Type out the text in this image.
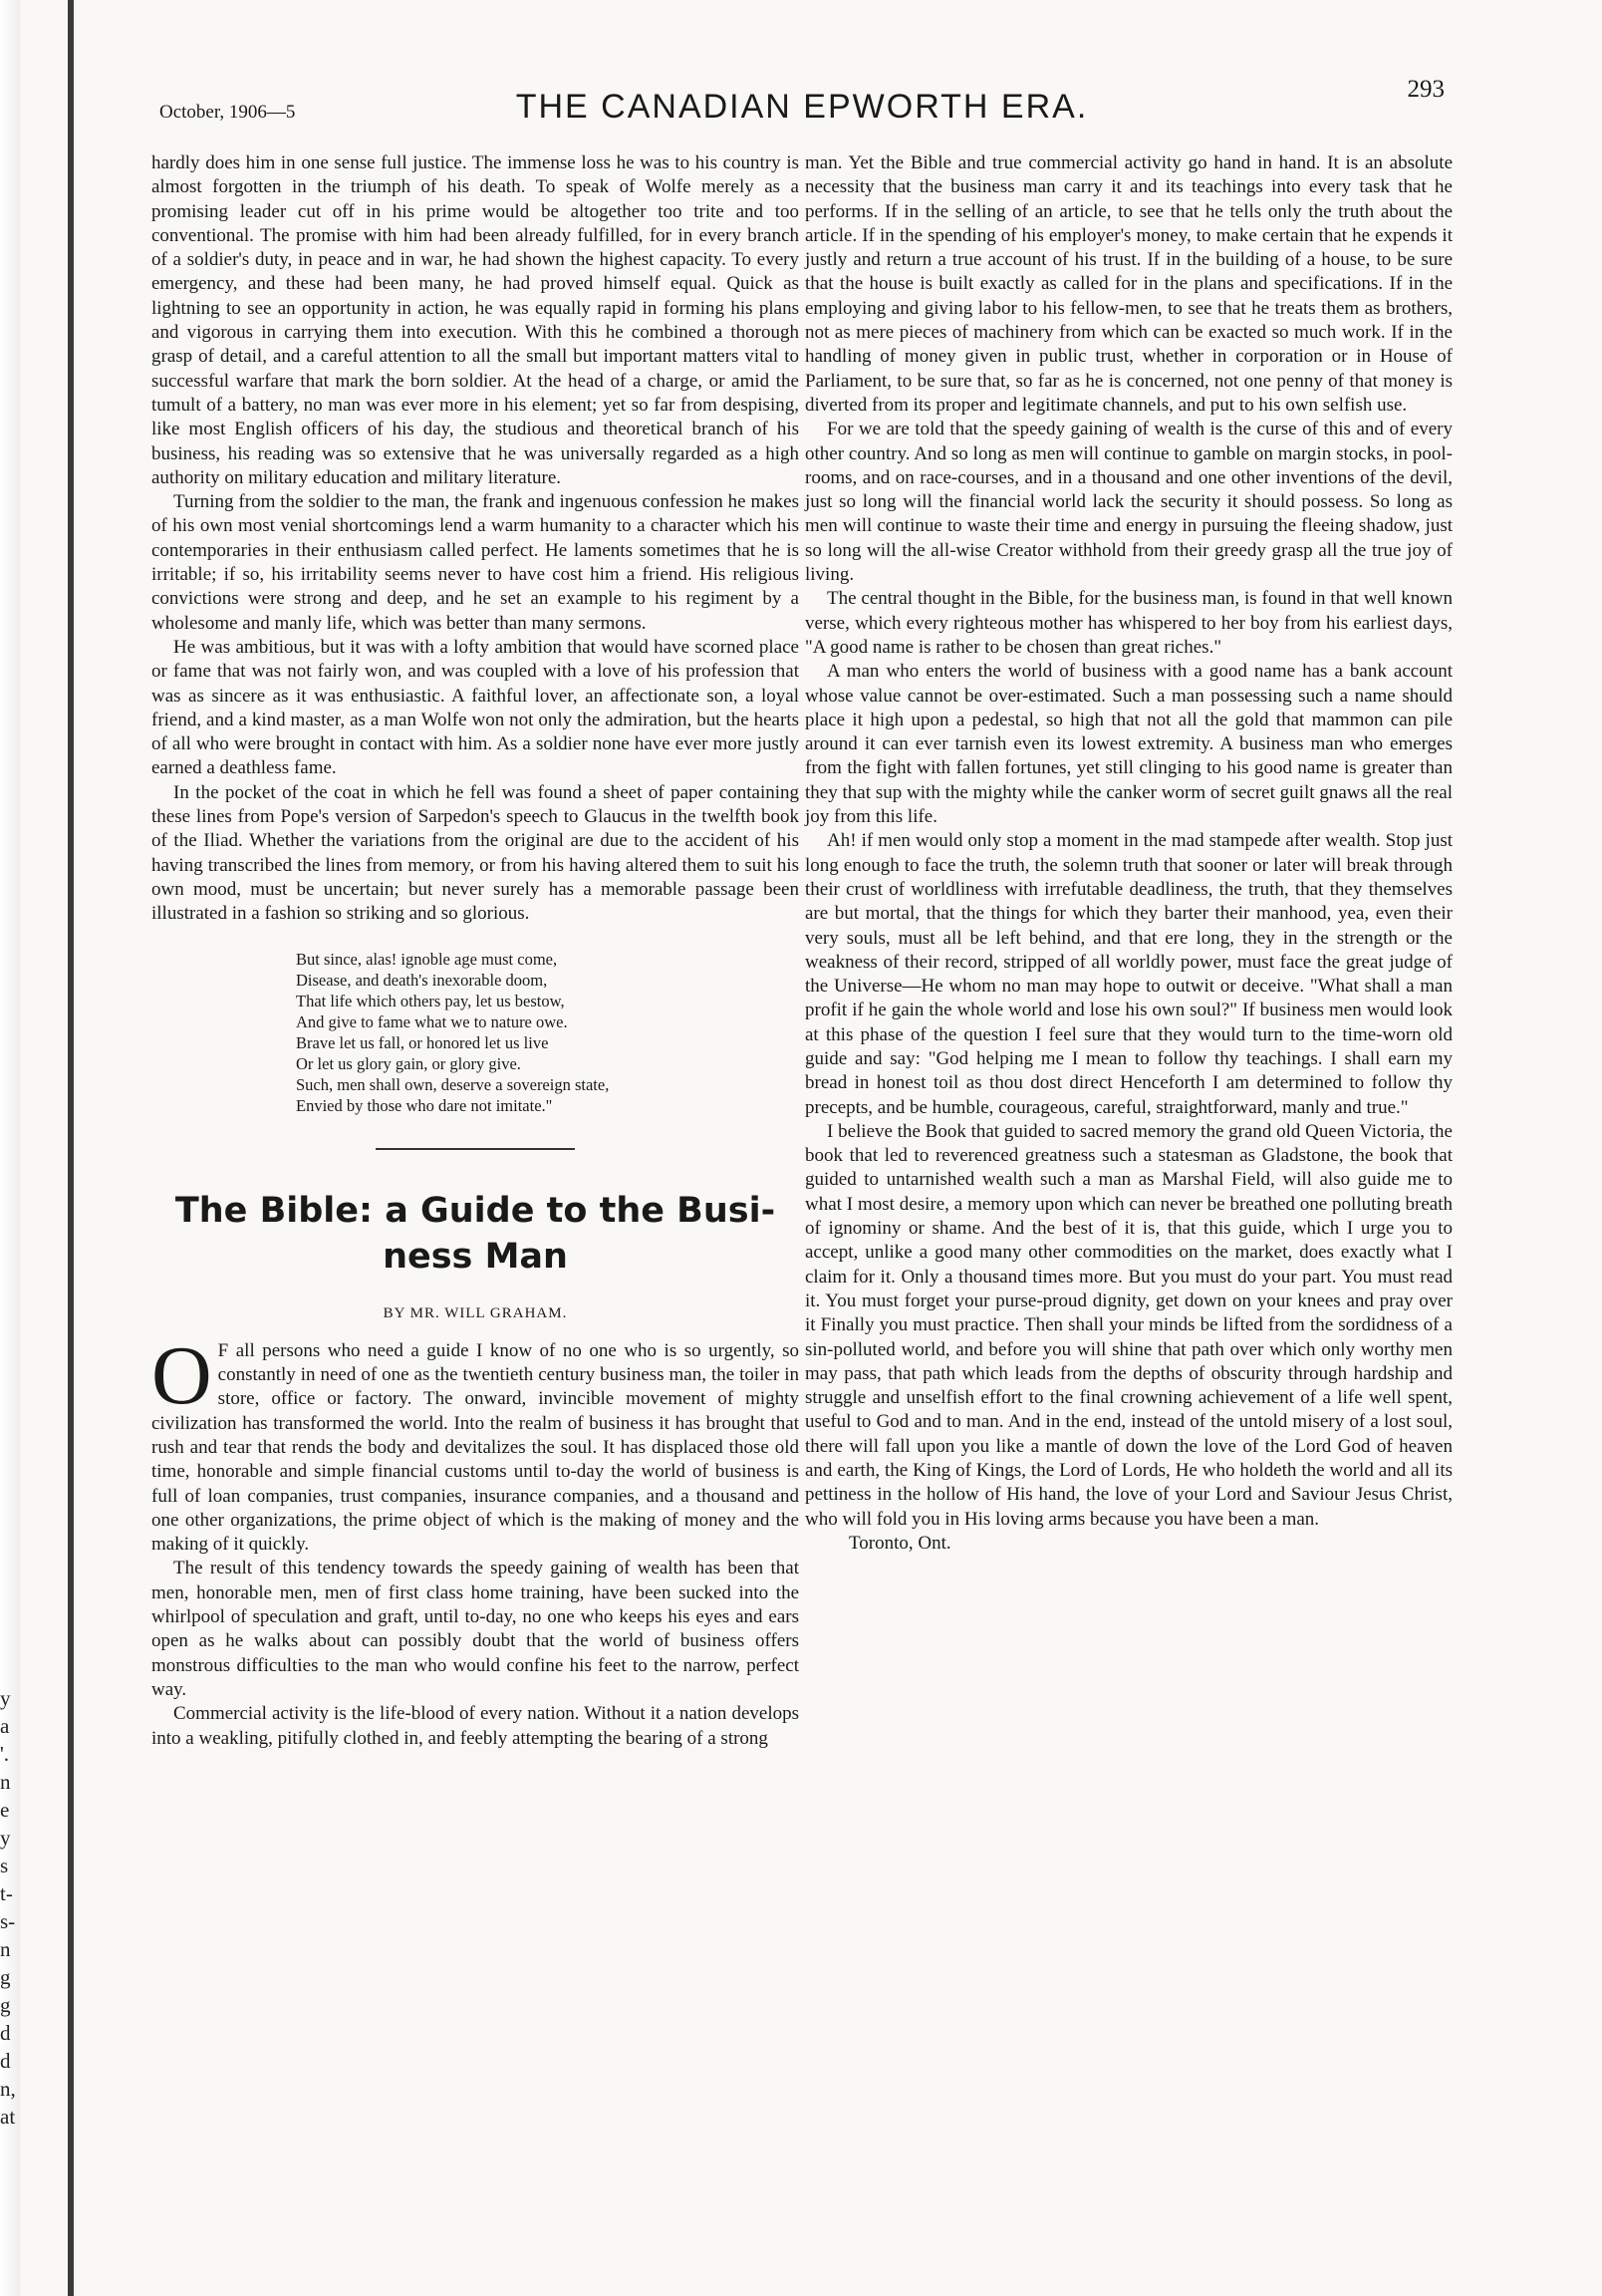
y
a
'.
n
e
y
s
t-
s-
n
g
g
d
d
n,
at
October, 1906—5	THE CANADIAN EPWORTH ERA.	293

hardly does him in one sense full justice. The immense loss he was to his country is almost forgotten in the triumph of his death. To speak of Wolfe merely as a promising leader cut off in his prime would be altogether too trite and too conventional. The promise with him had been already fulfilled, for in every branch of a soldier's duty, in peace and in war, he had shown the highest capacity. To every emergency, and these had been many, he had proved himself equal. Quick as lightning to see an opportunity in action, he was equally rapid in forming his plans and vigorous in carrying them into execution. With this he combined a thorough grasp of detail, and a careful attention to all the small but important matters vital to successful warfare that mark the born soldier. At the head of a charge, or amid the tumult of a battery, no man was ever more in his element; yet so far from despising, like most English officers of his day, the studious and theoretical branch of his business, his reading was so extensive that he was universally regarded as a high authority on military education and military literature.

Turning from the soldier to the man, the frank and ingenuous confession he makes of his own most venial shortcomings lend a warm humanity to a character which his contemporaries in their enthusiasm called perfect. He laments sometimes that he is irritable; if so, his irritability seems never to have cost him a friend. His religious convictions were strong and deep, and he set an example to his regiment by a wholesome and manly life, which was better than many sermons.

He was ambitious, but it was with a lofty ambition that would have scorned place or fame that was not fairly won, and was coupled with a love of his profession that was as sincere as it was enthusiastic. A faithful lover, an affectionate son, a loyal friend, and a kind master, as a man Wolfe won not only the admiration, but the hearts of all who were brought in contact with him. As a soldier none have ever more justly earned a deathless fame.

In the pocket of the coat in which he fell was found a sheet of paper containing these lines from Pope's version of Sarpedon's speech to Glaucus in the twelfth book of the Iliad. Whether the variations from the original are due to the accident of his having transcribed the lines from memory, or from his having altered them to suit his own mood, must be uncertain; but never surely has a memorable passage been illustrated in a fashion so striking and so glorious.

But since, alas! ignoble age must come,
Disease, and death's inexorable doom,
That life which others pay, let us bestow,
And give to fame what we to nature owe.
Brave let us fall, or honored let us live
Or let us glory gain, or glory give.
Such, men shall own, deserve a sovereign state,
Envied by those who dare not imitate."
The Bible: a Guide to the Busi-
ness Man
BY MR. WILL GRAHAM.

O F all persons who need a guide I know of no one who is so urgently, so constantly in need of one as the twentieth century business man, the toiler in store, office or factory. The onward, invincible movement of mighty civilization has transformed the world. Into the realm of business it has brought that rush and tear that rends the body and devitalizes the soul. It has displaced those old time, honorable and simple financial customs until to-day the world of business is full of loan companies, trust companies, insurance companies, and a thousand and one other organizations, the prime object of which is the making of money and the making of it quickly.

The result of this tendency towards the speedy gaining of wealth has been that men, honorable men, men of first class home training, have been sucked into the whirlpool of speculation and graft, until to-day, no one who keeps his eyes and ears open as he walks about can possibly doubt that the world of business offers monstrous difficulties to the man who would confine his feet to the narrow, perfect way.

Commercial activity is the life-blood of every nation. Without it a nation develops into a weakling, pitifully clothed in, and feebly attempting the bearing of a strong

man. Yet the Bible and true commercial activity go hand in hand. It is an absolute necessity that the business man carry it and its teachings into every task that he performs. If in the selling of an article, to see that he tells only the truth about the article. If in the spending of his employer's money, to make certain that he expends it justly and return a true account of his trust. If in the building of a house, to be sure that the house is built exactly as called for in the plans and specifications. If in the employing and giving labor to his fellow-men, to see that he treats them as brothers, not as mere pieces of machinery from which can be exacted so much work. If in the handling of money given in public trust, whether in corporation or in House of Parliament, to be sure that, so far as he is concerned, not one penny of that money is diverted from its proper and legitimate channels, and put to his own selfish use.

For we are told that the speedy gaining of wealth is the curse of this and of every other country. And so long as men will continue to gamble on margin stocks, in pool-rooms, and on race-courses, and in a thousand and one other inventions of the devil, just so long will the financial world lack the security it should possess. So long as men will continue to waste their time and energy in pursuing the fleeing shadow, just so long will the all-wise Creator withhold from their greedy grasp all the true joy of living.

The central thought in the Bible, for the business man, is found in that well known verse, which every righteous mother has whispered to her boy from his earliest days, "A good name is rather to be chosen than great riches."

A man who enters the world of business with a good name has a bank account whose value cannot be over-estimated. Such a man possessing such a name should place it high upon a pedestal, so high that not all the gold that mammon can pile around it can ever tarnish even its lowest extremity. A business man who emerges from the fight with fallen fortunes, yet still clinging to his good name is greater than they that sup with the mighty while the canker worm of secret guilt gnaws all the real joy from this life.

Ah! if men would only stop a moment in the mad stampede after wealth. Stop just long enough to face the truth, the solemn truth that sooner or later will break through their crust of worldliness with irrefutable deadliness, the truth, that they themselves are but mortal, that the things for which they barter their manhood, yea, even their very souls, must all be left behind, and that ere long, they in the strength or the weakness of their record, stripped of all worldly power, must face the great judge of the Universe—He whom no man may hope to outwit or deceive. "What shall a man profit if he gain the whole world and lose his own soul?" If business men would look at this phase of the question I feel sure that they would turn to the time-worn old guide and say: "God helping me I mean to follow thy teachings. I shall earn my bread in honest toil as thou dost direct Henceforth I am determined to follow thy precepts, and be humble, courageous, careful, straightforward, manly and true."

I believe the Book that guided to sacred memory the grand old Queen Victoria, the book that led to reverenced greatness such a statesman as Gladstone, the book that guided to untarnished wealth such a man as Marshal Field, will also guide me to what I most desire, a memory upon which can never be breathed one polluting breath of ignominy or shame. And the best of it is, that this guide, which I urge you to accept, unlike a good many other commodities on the market, does exactly what I claim for it. Only a thousand times more. But you must do your part. You must read it. You must forget your purse-proud dignity, get down on your knees and pray over it Finally you must practice. Then shall your minds be lifted from the sordidness of a sin-polluted world, and before you will shine that path over which only worthy men may pass, that path which leads from the depths of obscurity through hardship and struggle and unselfish effort to the final crowning achievement of a life well spent, useful to God and to man. And in the end, instead of the untold misery of a lost soul, there will fall upon you like a mantle of down the love of the Lord God of heaven and earth, the King of Kings, the Lord of Lords, He who holdeth the world and all its pettiness in the hollow of His hand, the love of your Lord and Saviour Jesus Christ, who will fold you in His loving arms because you have been a man.

Toronto, Ont.
